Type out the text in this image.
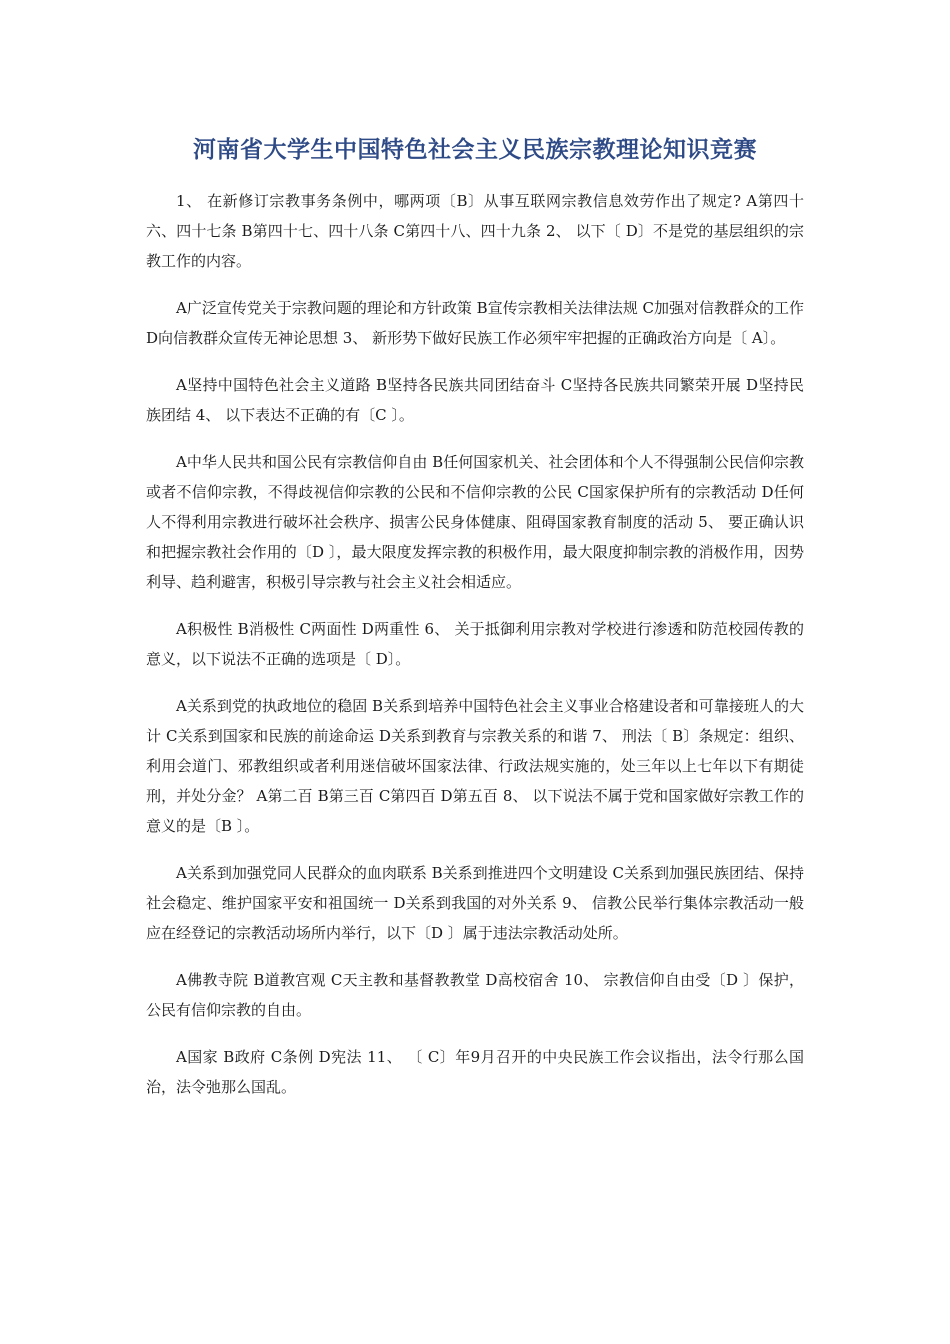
河南省大学生中国特色社会主义民族宗教理论知识竞赛

1、 在新修订宗教事务条例中，哪两项〔B〕从事互联网宗教信息效劳作出了规定? A第四十六、四十七条 B第四十七、四十八条 C第四十八、四十九条 2、 以下〔 D〕不是党的基层组织的宗教工作的内容。

A广泛宣传党关于宗教问题的理论和方针政策 B宣传宗教相关法律法规 C加强对信教群众的工作 D向信教群众宣传无神论思想 3、 新形势下做好民族工作必须牢牢把握的正确政治方向是〔 A〕。

A坚持中国特色社会主义道路 B坚持各民族共同团结奋斗 C坚持各民族共同繁荣开展 D坚持民族团结 4、 以下表达不正确的有〔C 〕。

A中华人民共和国公民有宗教信仰自由 B任何国家机关、社会团体和个人不得强制公民信仰宗教或者不信仰宗教，不得歧视信仰宗教的公民和不信仰宗教的公民 C国家保护所有的宗教活动 D任何人不得利用宗教进行破坏社会秩序、损害公民身体健康、阻碍国家教育制度的活动 5、 要正确认识和把握宗教社会作用的〔D 〕，最大限度发挥宗教的积极作用，最大限度抑制宗教的消极作用，因势利导、趋利避害，积极引导宗教与社会主义社会相适应。

A积极性 B消极性 C两面性 D两重性 6、 关于抵御利用宗教对学校进行渗透和防范校园传教的意义，以下说法不正确的选项是〔 D〕。

A关系到党的执政地位的稳固 B关系到培养中国特色社会主义事业合格建设者和可靠接班人的大计 C关系到国家和民族的前途命运 D关系到教育与宗教关系的和谐 7、 刑法〔 B〕条规定：组织、利用会道门、邪教组织或者利用迷信破坏国家法律、行政法规实施的，处三年以上七年以下有期徒刑，并处分金？ A第二百 B第三百 C第四百 D第五百 8、 以下说法不属于党和国家做好宗教工作的意义的是〔B 〕。

A关系到加强党同人民群众的血肉联系 B关系到推进四个文明建设 C关系到加强民族团结、保持社会稳定、维护国家平安和祖国统一 D关系到我国的对外关系 9、 信教公民举行集体宗教活动一般应在经登记的宗教活动场所内举行，以下〔D 〕属于违法宗教活动处所。

A佛教寺院 B道教宫观 C天主教和基督教教堂 D高校宿舍 10、 宗教信仰自由受〔D 〕保护，公民有信仰宗教的自由。

A国家 B政府 C条例 D宪法 11、 〔 C〕年9月召开的中央民族工作会议指出，法令行那么国治，法令弛那么国乱。
